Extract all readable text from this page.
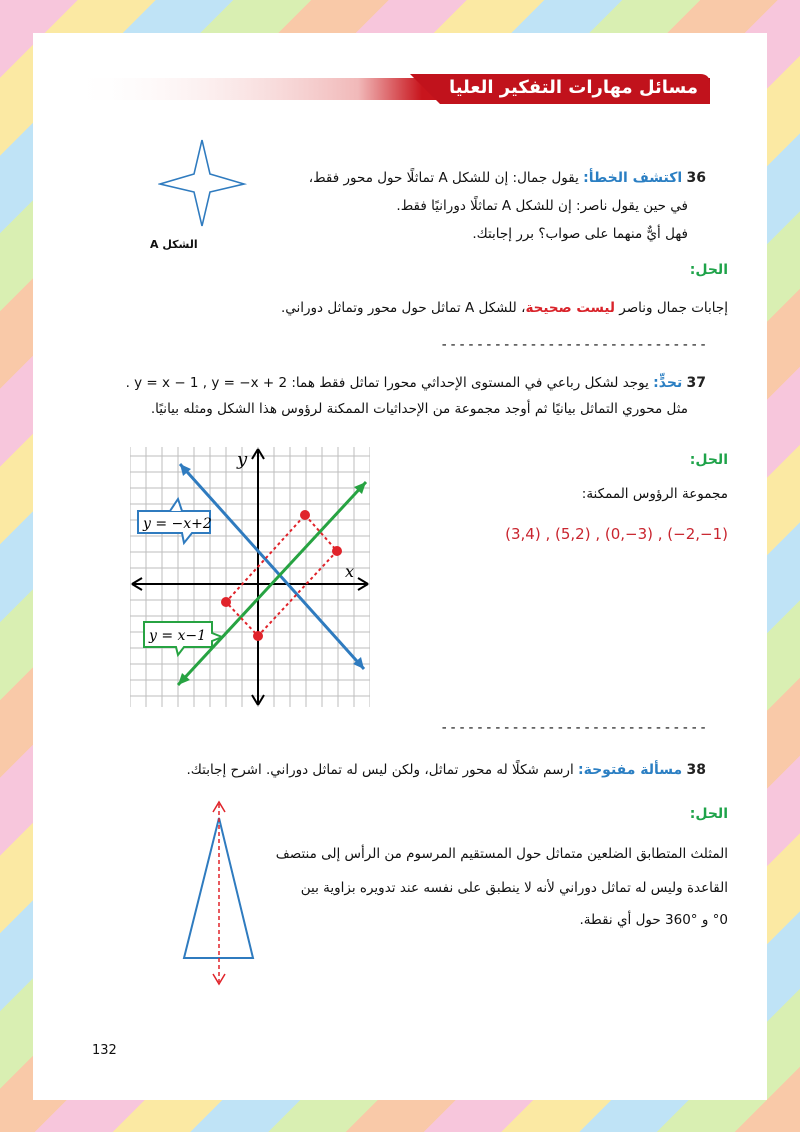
مسائل مهارات التفكير العليا
الشكل A
36 اكتشف الخطأ: يقول جمال: إن للشكل A تماثلًا حول محور فقط،
في حين يقول ناصر: إن للشكل A تماثلًا دورانيًا فقط.
فهل أيٌّ منهما على صواب؟ برر إجابتك.
الحل:
إجابات جمال وناصر ليست صحيحة، للشكل A تماثل حول محور وتماثل دوراني.
------------------------------
37 تحدٍّ: يوجد لشكل رباعي في المستوى الإحداثي محورا تماثل فقط هما: y = x − 1 , y = −x + 2 .
مثل محوري التماثل بيانيًا ثم أوجد مجموعة من الإحداثيات الممكنة لرؤوس هذا الشكل ومثله بيانيًا.
x
y
y = −x+2
y = x−1
الحل:
مجموعة الرؤوس الممكنة:
(3,4) , (5,2) , (0,−3) , (−2,−1)
------------------------------
38 مسألة مفتوحة: ارسم شكلًا له محور تماثل، ولكن ليس له تماثل دوراني. اشرح إجابتك.
الحل:
المثلث المتطابق الضلعين متماثل حول المستقيم المرسوم من الرأس إلى منتصف
القاعدة وليس له تماثل دوراني لأنه لا ينطبق على نفسه عند تدويره بزاوية بين
°0 و °360 حول أي نقطة.
132
